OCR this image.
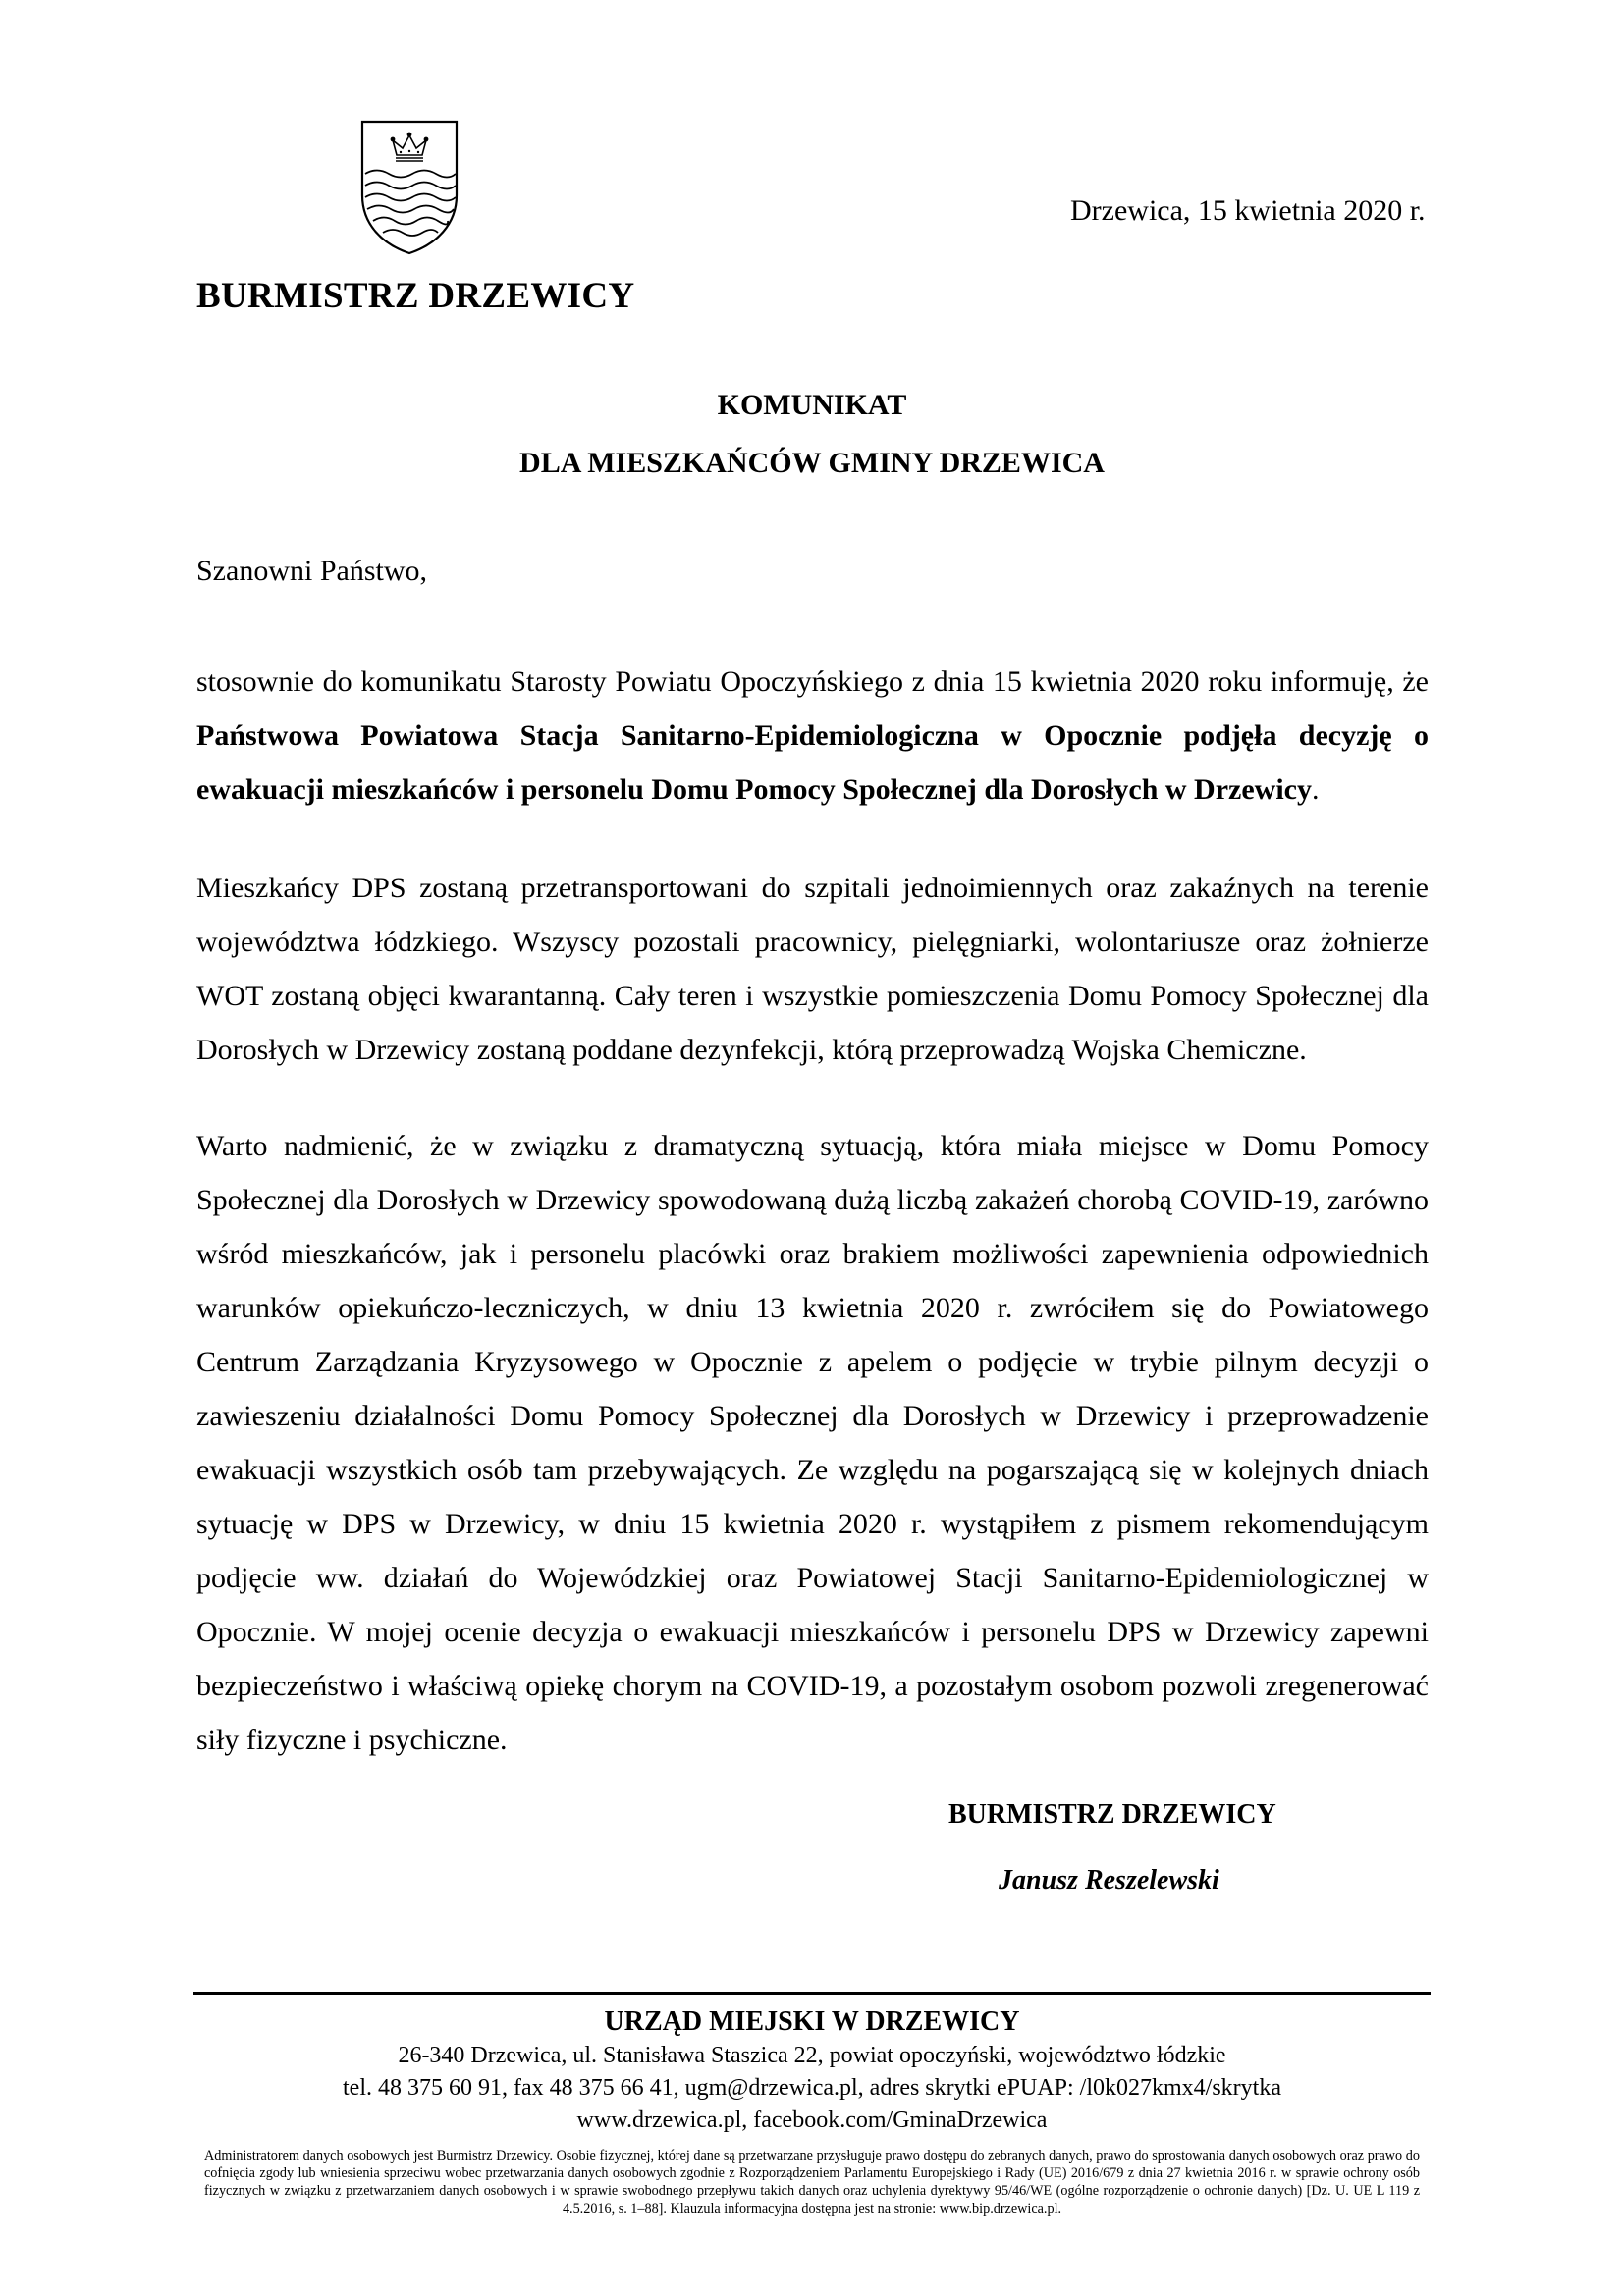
Drzewica, 15 kwietnia 2020 r.
BURMISTRZ DRZEWICY
KOMUNIKAT
DLA MIESZKAŃCÓW GMINY DRZEWICA
Szanowni Państwo,
stosownie do komunikatu Starosty Powiatu Opoczyńskiego z dnia 15 kwietnia 2020 roku informuję, że Państwowa Powiatowa Stacja Sanitarno-Epidemiologiczna w Opocznie podjęła decyzję o ewakuacji mieszkańców i personelu Domu Pomocy Społecznej dla Dorosłych w Drzewicy.
Mieszkańcy DPS zostaną przetransportowani do szpitali jednoimiennych oraz zakaźnych na terenie województwa łódzkiego. Wszyscy pozostali pracownicy, pielęgniarki, wolontariusze oraz żołnierze WOT zostaną objęci kwarantanną. Cały teren i wszystkie pomieszczenia Domu Pomocy Społecznej dla Dorosłych w Drzewicy zostaną poddane dezynfekcji, którą przeprowadzą Wojska Chemiczne.
Warto nadmienić, że w związku z dramatyczną sytuacją, która miała miejsce w Domu Pomocy Społecznej dla Dorosłych w Drzewicy spowodowaną dużą liczbą zakażeń chorobą COVID-19, zarówno wśród mieszkańców, jak i personelu placówki oraz brakiem możliwości zapewnienia odpowiednich warunków opiekuńczo-leczniczych, w dniu 13 kwietnia 2020 r. zwróciłem się do Powiatowego Centrum Zarządzania Kryzysowego w Opocznie z apelem o podjęcie w trybie pilnym decyzji o zawieszeniu działalności Domu Pomocy Społecznej dla Dorosłych w Drzewicy i przeprowadzenie ewakuacji wszystkich osób tam przebywających. Ze względu na pogarszającą się w kolejnych dniach sytuację w DPS w Drzewicy, w dniu 15 kwietnia 2020 r. wystąpiłem z pismem rekomendującym podjęcie ww. działań do Wojewódzkiej oraz Powiatowej Stacji Sanitarno-Epidemiologicznej w Opocznie. W mojej ocenie decyzja o ewakuacji mieszkańców i personelu DPS w Drzewicy zapewni bezpieczeństwo i właściwą opiekę chorym na COVID-19, a pozostałym osobom pozwoli zregenerować siły fizyczne i psychiczne.
BURMISTRZ DRZEWICY
Janusz Reszelewski
URZĄD MIEJSKI W DRZEWICY
26-340 Drzewica, ul. Stanisława Staszica 22, powiat opoczyński, województwo łódzkie
tel. 48 375 60 91, fax 48 375 66 41, ugm@drzewica.pl, adres skrytki ePUAP: /l0k027kmx4/skrytka
www.drzewica.pl, facebook.com/GminaDrzewica
Administratorem danych osobowych jest Burmistrz Drzewicy. Osobie fizycznej, której dane są przetwarzane przysługuje prawo dostępu do zebranych danych, prawo do sprostowania danych osobowych oraz prawo do cofnięcia zgody lub wniesienia sprzeciwu wobec przetwarzania danych osobowych zgodnie z Rozporządzeniem Parlamentu Europejskiego i Rady (UE) 2016/679 z dnia 27 kwietnia 2016 r. w sprawie ochrony osób fizycznych w związku z przetwarzaniem danych osobowych i w sprawie swobodnego przepływu takich danych oraz uchylenia dyrektywy 95/46/WE (ogólne rozporządzenie o ochronie danych) [Dz. U. UE L 119 z 4.5.2016, s. 1–88]. Klauzula informacyjna dostępna jest na stronie: www.bip.drzewica.pl.
